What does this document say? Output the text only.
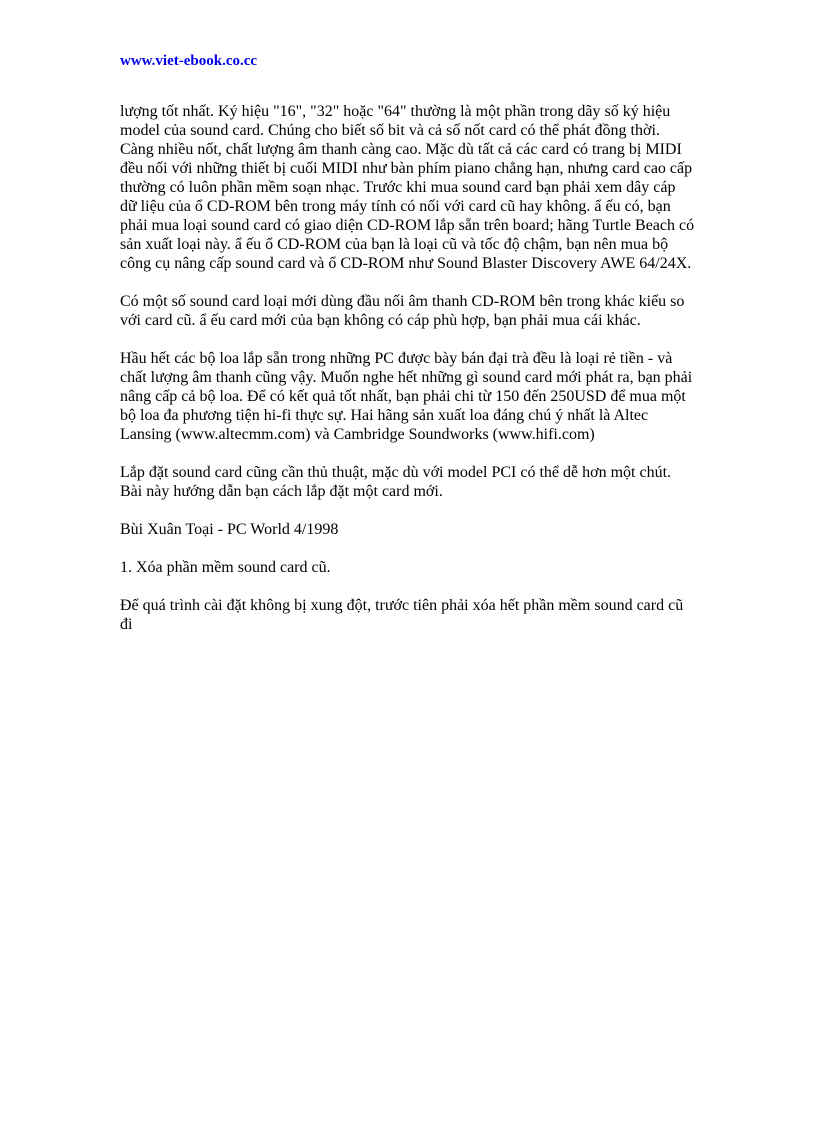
www.viet-ebook.co.cc

lượng tốt nhất. Ký hiệu "16", "32" hoặc "64" thường là một phần trong dãy số ký hiệu
model của sound card. Chúng cho biết số bit và cả số nốt card có thể phát đồng thời.
Càng nhiều nốt, chất lượng âm thanh càng cao. Mặc dù tất cả các card có trang bị MIDI
đều nối với những thiết bị cuối MIDI như bàn phím piano chẳng hạn, nhưng card cao cấp
thường có luôn phần mềm soạn nhạc. Trước khi mua sound card bạn phải xem dây cáp
dữ liệu của ổ CD-ROM bên trong máy tính có nối với card cũ hay không. ẩ ếu có, bạn
phải mua loại sound card có giao diện CD-ROM lắp sẵn trên board; hãng Turtle Beach có
sản xuất loại này. ẩ ếu ổ CD-ROM của bạn là loại cũ và tốc độ chậm, bạn nên mua bộ
công cụ nâng cấp sound card và ổ CD-ROM như Sound Blaster Discovery AWE 64/24X.

Có một số sound card loại mới dùng đầu nối âm thanh CD-ROM bên trong khác kiểu so
với card cũ. ẩ ếu card mới của bạn không có cáp phù hợp, bạn phải mua cái khác.

Hầu hết các bộ loa lắp sẵn trong những PC được bày bán đại trà đều là loại rẻ tiền - và
chất lượng âm thanh cũng vậy. Muốn nghe hết những gì sound card mới phát ra, bạn phải
nâng cấp cả bộ loa. Để có kết quả tốt nhất, bạn phải chi từ 150 đến 250USD để mua một
bộ loa đa phương tiện hi-fi thực sự. Hai hãng sản xuất loa đáng chú ý nhất là Altec
Lansing (www.altecmm.com) và Cambridge Soundworks (www.hifi.com)

Lắp đặt sound card cũng cần thủ thuật, mặc dù với model PCI có thể dễ hơn một chút.
Bài này hướng dẫn bạn cách lắp đặt một card mới.

Bùi Xuân Toại - PC World 4/1998

1. Xóa phần mềm sound card cũ.

Để quá trình cài đặt không bị xung đột, trước tiên phải xóa hết phần mềm sound card cũ
đi
